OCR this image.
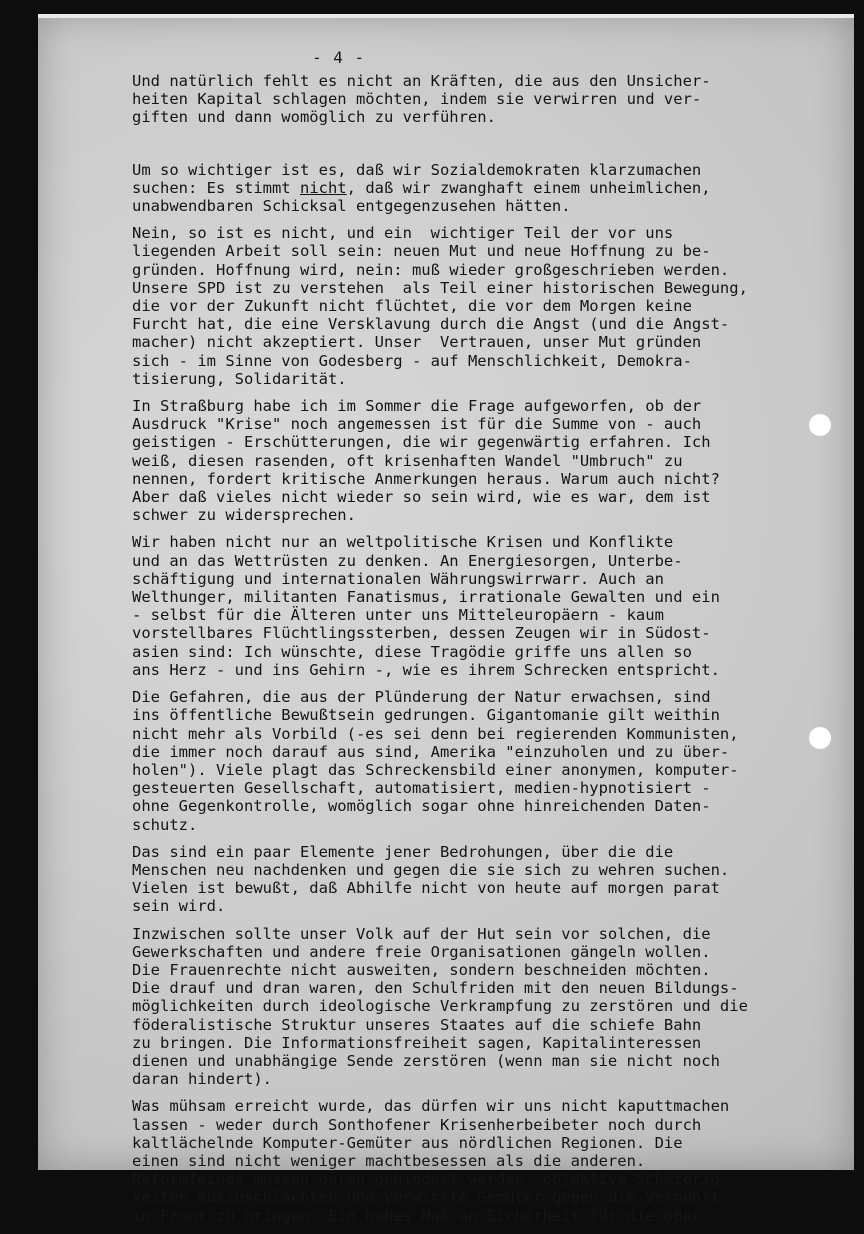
- 4 -
Und natürlich fehlt es nicht an Kräften, die aus den Unsicher-
heiten Kapital schlagen möchten, indem sie verwirren und ver-
giften und dann womöglich zu verführen.
Um so wichtiger ist es, daß wir Sozialdemokraten klarzumachen
suchen: Es stimmt nicht, daß wir zwanghaft einem unheimlichen,
unabwendbaren Schicksal entgegenzusehen hätten.
Nein, so ist es nicht, und ein  wichtiger Teil der vor uns
liegenden Arbeit soll sein: neuen Mut und neue Hoffnung zu be-
gründen. Hoffnung wird, nein: muß wieder großgeschrieben werden.
Unsere SPD ist zu verstehen  als Teil einer historischen Bewegung,
die vor der Zukunft nicht flüchtet, die vor dem Morgen keine
Furcht hat, die eine Versklavung durch die Angst (und die Angst-
macher) nicht akzeptiert. Unser  Vertrauen, unser Mut gründen
sich - im Sinne von Godesberg - auf Menschlichkeit, Demokra-
tisierung, Solidarität.
In Straßburg habe ich im Sommer die Frage aufgeworfen, ob der
Ausdruck "Krise" noch angemessen ist für die Summe von - auch
geistigen - Erschütterungen, die wir gegenwärtig erfahren. Ich
weiß, diesen rasenden, oft krisenhaften Wandel "Umbruch" zu
nennen, fordert kritische Anmerkungen heraus. Warum auch nicht?
Aber daß vieles nicht wieder so sein wird, wie es war, dem ist
schwer zu widersprechen.
Wir haben nicht nur an weltpolitische Krisen und Konflikte
und an das Wettrüsten zu denken. An Energiesorgen, Unterbe-
schäftigung und internationalen Währungswirrwarr. Auch an
Welthunger, militanten Fanatismus, irrationale Gewalten und ein
- selbst für die Älteren unter uns Mitteleuropäern - kaum
vorstellbares Flüchtlingssterben, dessen Zeugen wir in Südost-
asien sind: Ich wünschte, diese Tragödie griffe uns allen so
ans Herz - und ins Gehirn -, wie es ihrem Schrecken entspricht.
Die Gefahren, die aus der Plünderung der Natur erwachsen, sind
ins öffentliche Bewußtsein gedrungen. Gigantomanie gilt weithin
nicht mehr als Vorbild (-es sei denn bei regierenden Kommunisten,
die immer noch darauf aus sind, Amerika "einzuholen und zu über-
holen"). Viele plagt das Schreckensbild einer anonymen, komputer-
gesteuerten Gesellschaft, automatisiert, medien-hypnotisiert -
ohne Gegenkontrolle, womöglich sogar ohne hinreichenden Daten-
schutz.
Das sind ein paar Elemente jener Bedrohungen, über die die
Menschen neu nachdenken und gegen die sie sich zu wehren suchen.
Vielen ist bewußt, daß Abhilfe nicht von heute auf morgen parat
sein wird.
Inzwischen sollte unser Volk auf der Hut sein vor solchen, die
Gewerkschaften und andere freie Organisationen gängeln wollen.
Die Frauenrechte nicht ausweiten, sondern beschneiden möchten.
Die drauf und dran waren, den Schulfriden mit den neuen Bildungs-
möglichkeiten durch ideologische Verkrampfung zu zerstören und die
föderalistische Struktur unseres Staates auf die schiefe Bahn
zu bringen. Die Informationsfreiheit sagen, Kapitalinteressen
dienen und unabhängige Sende zerstören (wenn man sie nicht noch
daran hindert).
Was mühsam erreicht wurde, das dürfen wir uns nicht kaputtmachen
lassen - weder durch Sonthofener Krisenherbeibeter noch durch
kaltlächelnde Komputer-Gemüter aus nördlichen Regionen. Die
einen sind nicht weniger machtbesessen als die anderen.
Reformfeinde müssen daran gehindert werden, objektive Schwierig-
keiten auszuschlachten und verwirrte Gemüter gegen die Vernunft
in Front zu bringen. Ein hohes Maß an Sicherheit für die 80er
